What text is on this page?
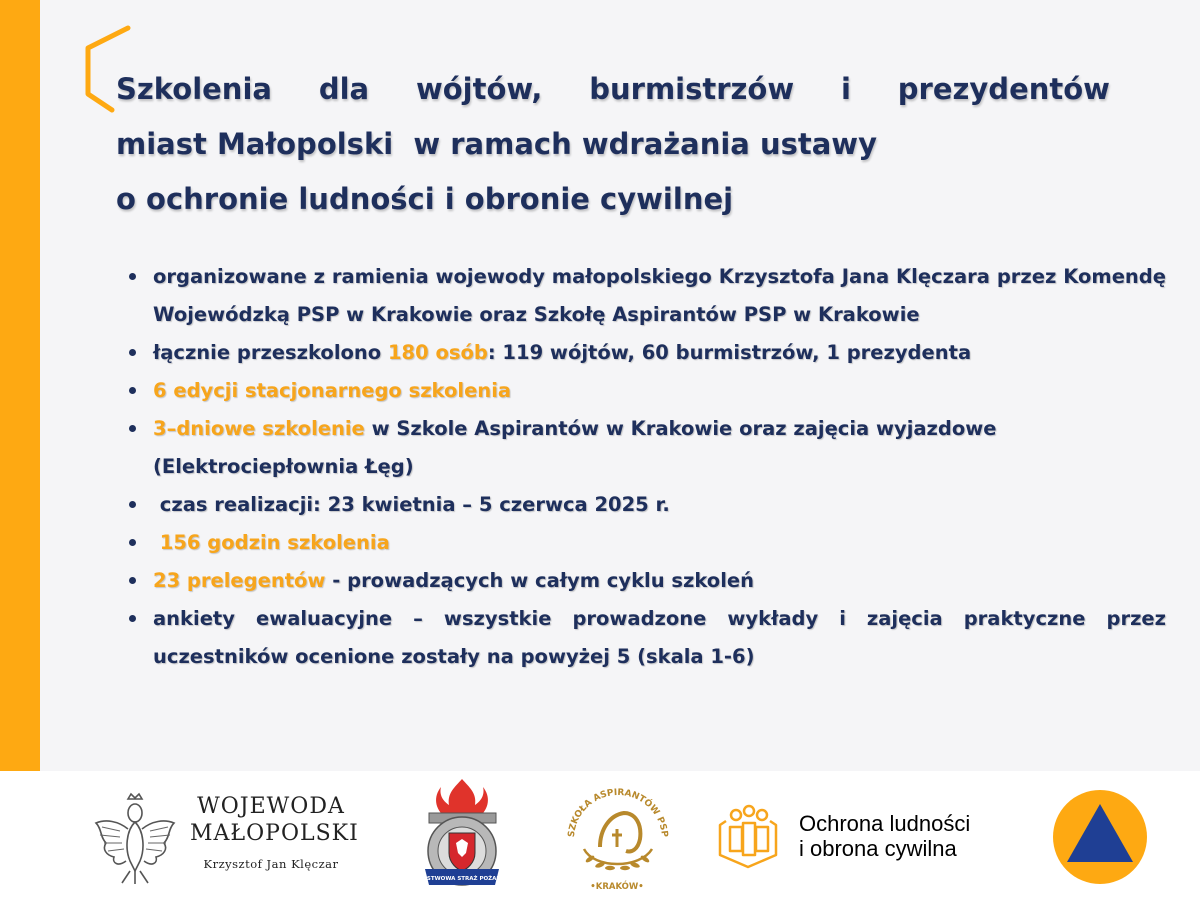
Szkolenia dla wójtów, burmistrzów i prezydentów
miast Małopolski  w ramach wdrażania ustawy
o ochronie ludności i obronie cywilnej
organizowane z ramienia wojewody małopolskiego Krzysztofa Jana Klęczara przez Komendę Wojewódzką PSP w Krakowie oraz Szkołę Aspirantów PSP w Krakowie
łącznie przeszkolono 180 osób: 119 wójtów, 60 burmistrzów, 1 prezydenta
6 edycji stacjonarnego szkolenia
3–dniowe szkolenie w Szkole Aspirantów w Krakowie oraz zajęcia wyjazdowe (Elektrociepłownia Łęg)
czas realizacji: 23 kwietnia – 5 czerwca 2025 r.
156 godzin szkolenia
23 prelegentów - prowadzących w całym cyklu szkoleń
ankiety ewaluacyjne – wszystkie prowadzone wykłady i zajęcia praktyczne przez uczestników ocenione zostały na powyżej 5 (skala 1-6)
WOJEWODA
MAŁOPOLSKI
Krzysztof Jan Klęczar
PAŃSTWOWA STRAŻ POŻARNA
SZKOŁA ASPIRANTÓW PSP
•KRAKÓW•
Ochrona ludności
i obrona cywilna
